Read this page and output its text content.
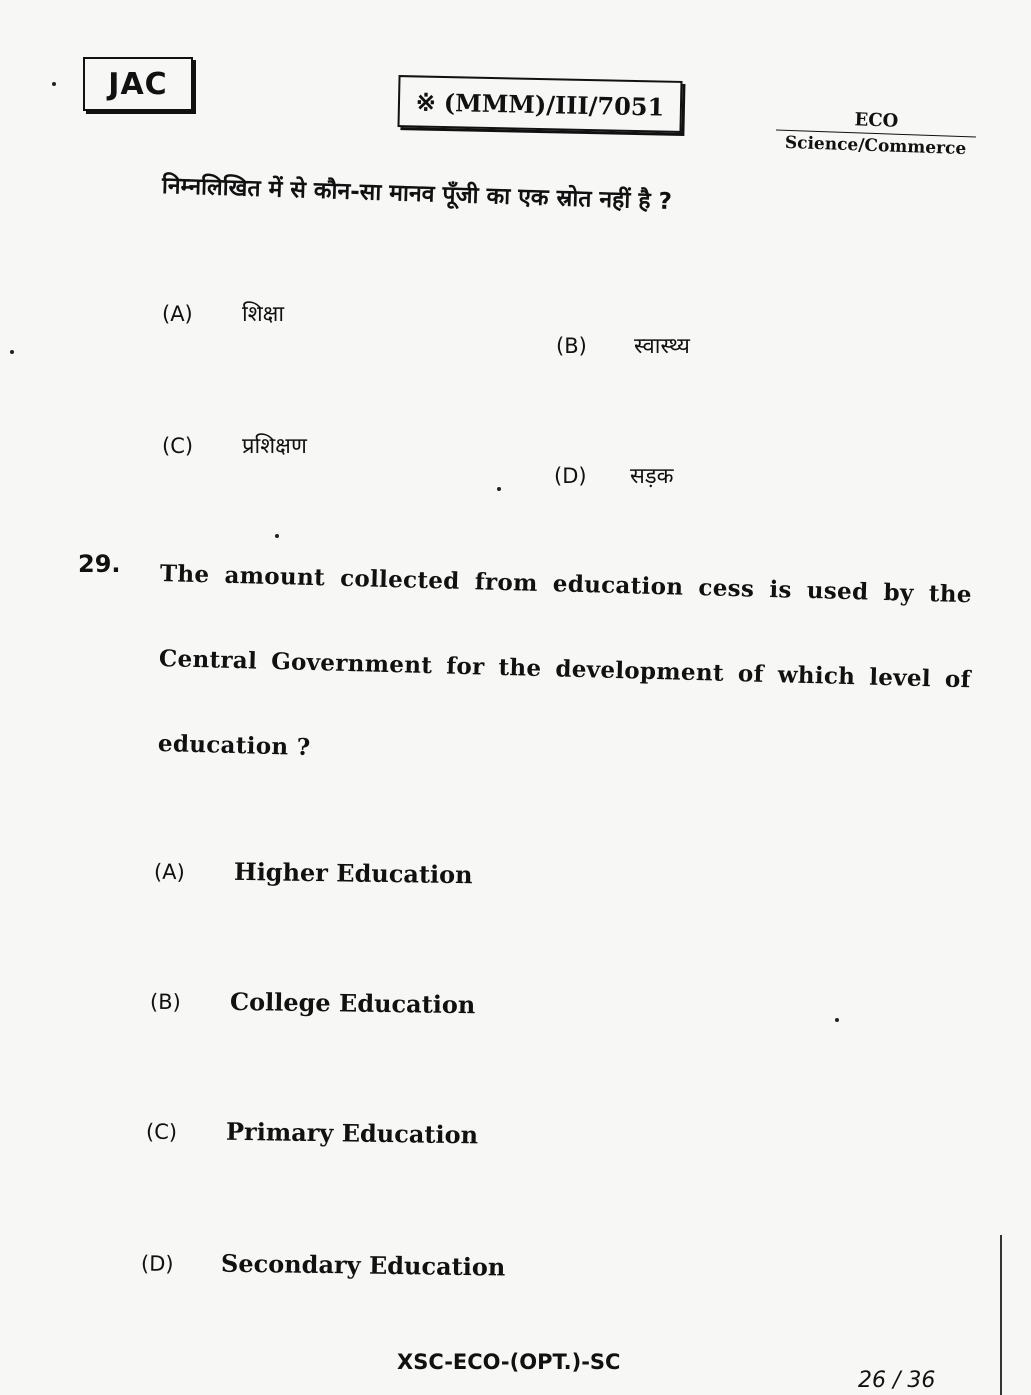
JAC
※ (MMM)/III/7051	ECO
Science/Commerce
निम्नलिखित में से कौन-सा मानव पूँजी का एक स्रोत नहीं है ?
(A)	शिक्षा
(B)	स्वास्थ्य
(C)	प्रशिक्षण
(D)	सड़क
29. The amount collected from education cess is used by the
Central Government for the development of which level of
education ?
(A)	Higher Education
(B)	College Education
(C)	Primary Education
(D)	Secondary Education
XSC-ECO-(OPT.)-SC
26 / 36
